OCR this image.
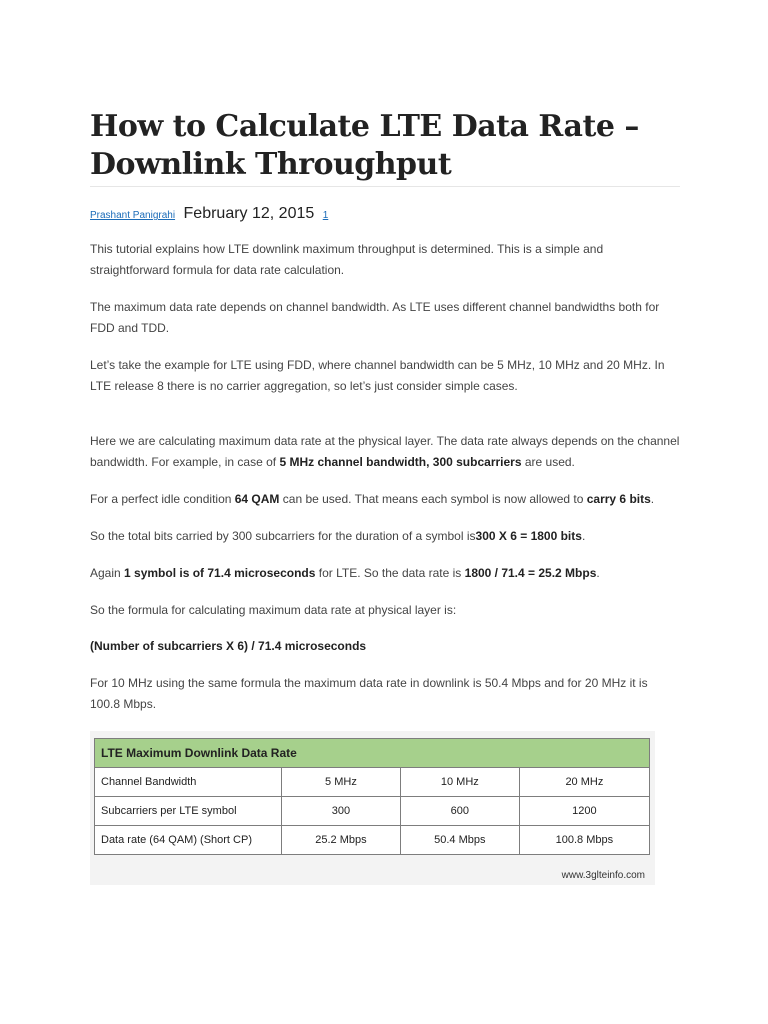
How to Calculate LTE Data Rate – Downlink Throughput
Prashant Panigrahi February 12, 2015 1

This tutorial explains how LTE downlink maximum throughput is determined. This is a simple and straightforward formula for data rate calculation.

The maximum data rate depends on channel bandwidth. As LTE uses different channel bandwidths both for FDD and TDD.

Let’s take the example for LTE using FDD, where channel bandwidth can be 5 MHz, 10 MHz and 20 MHz. In LTE release 8 there is no carrier aggregation, so let’s just consider simple cases.

Here we are calculating maximum data rate at the physical layer. The data rate always depends on the channel bandwidth. For example, in case of 5 MHz channel bandwidth, 300 subcarriers are used.

For a perfect idle condition 64 QAM can be used. That means each symbol is now allowed to carry 6 bits.

So the total bits carried by 300 subcarriers for the duration of a symbol is300 X 6 = 1800 bits.

Again 1 symbol is of 71.4 microseconds for LTE. So the data rate is 1800 / 71.4 = 25.2 Mbps.

So the formula for calculating maximum data rate at physical layer is:

(Number of subcarriers X 6) / 71.4 microseconds

For 10 MHz using the same formula the maximum data rate in downlink is 50.4 Mbps and for 20 MHz it is 100.8 Mbps.

LTE Maximum Downlink Data Rate			
Channel Bandwidth	5 MHz	10 MHz	20 MHz
Subcarriers per LTE symbol	300	600	1200
Data rate (64 QAM) (Short CP)	25.2 Mbps	50.4 Mbps	100.8 Mbps
www.3glteinfo.com
